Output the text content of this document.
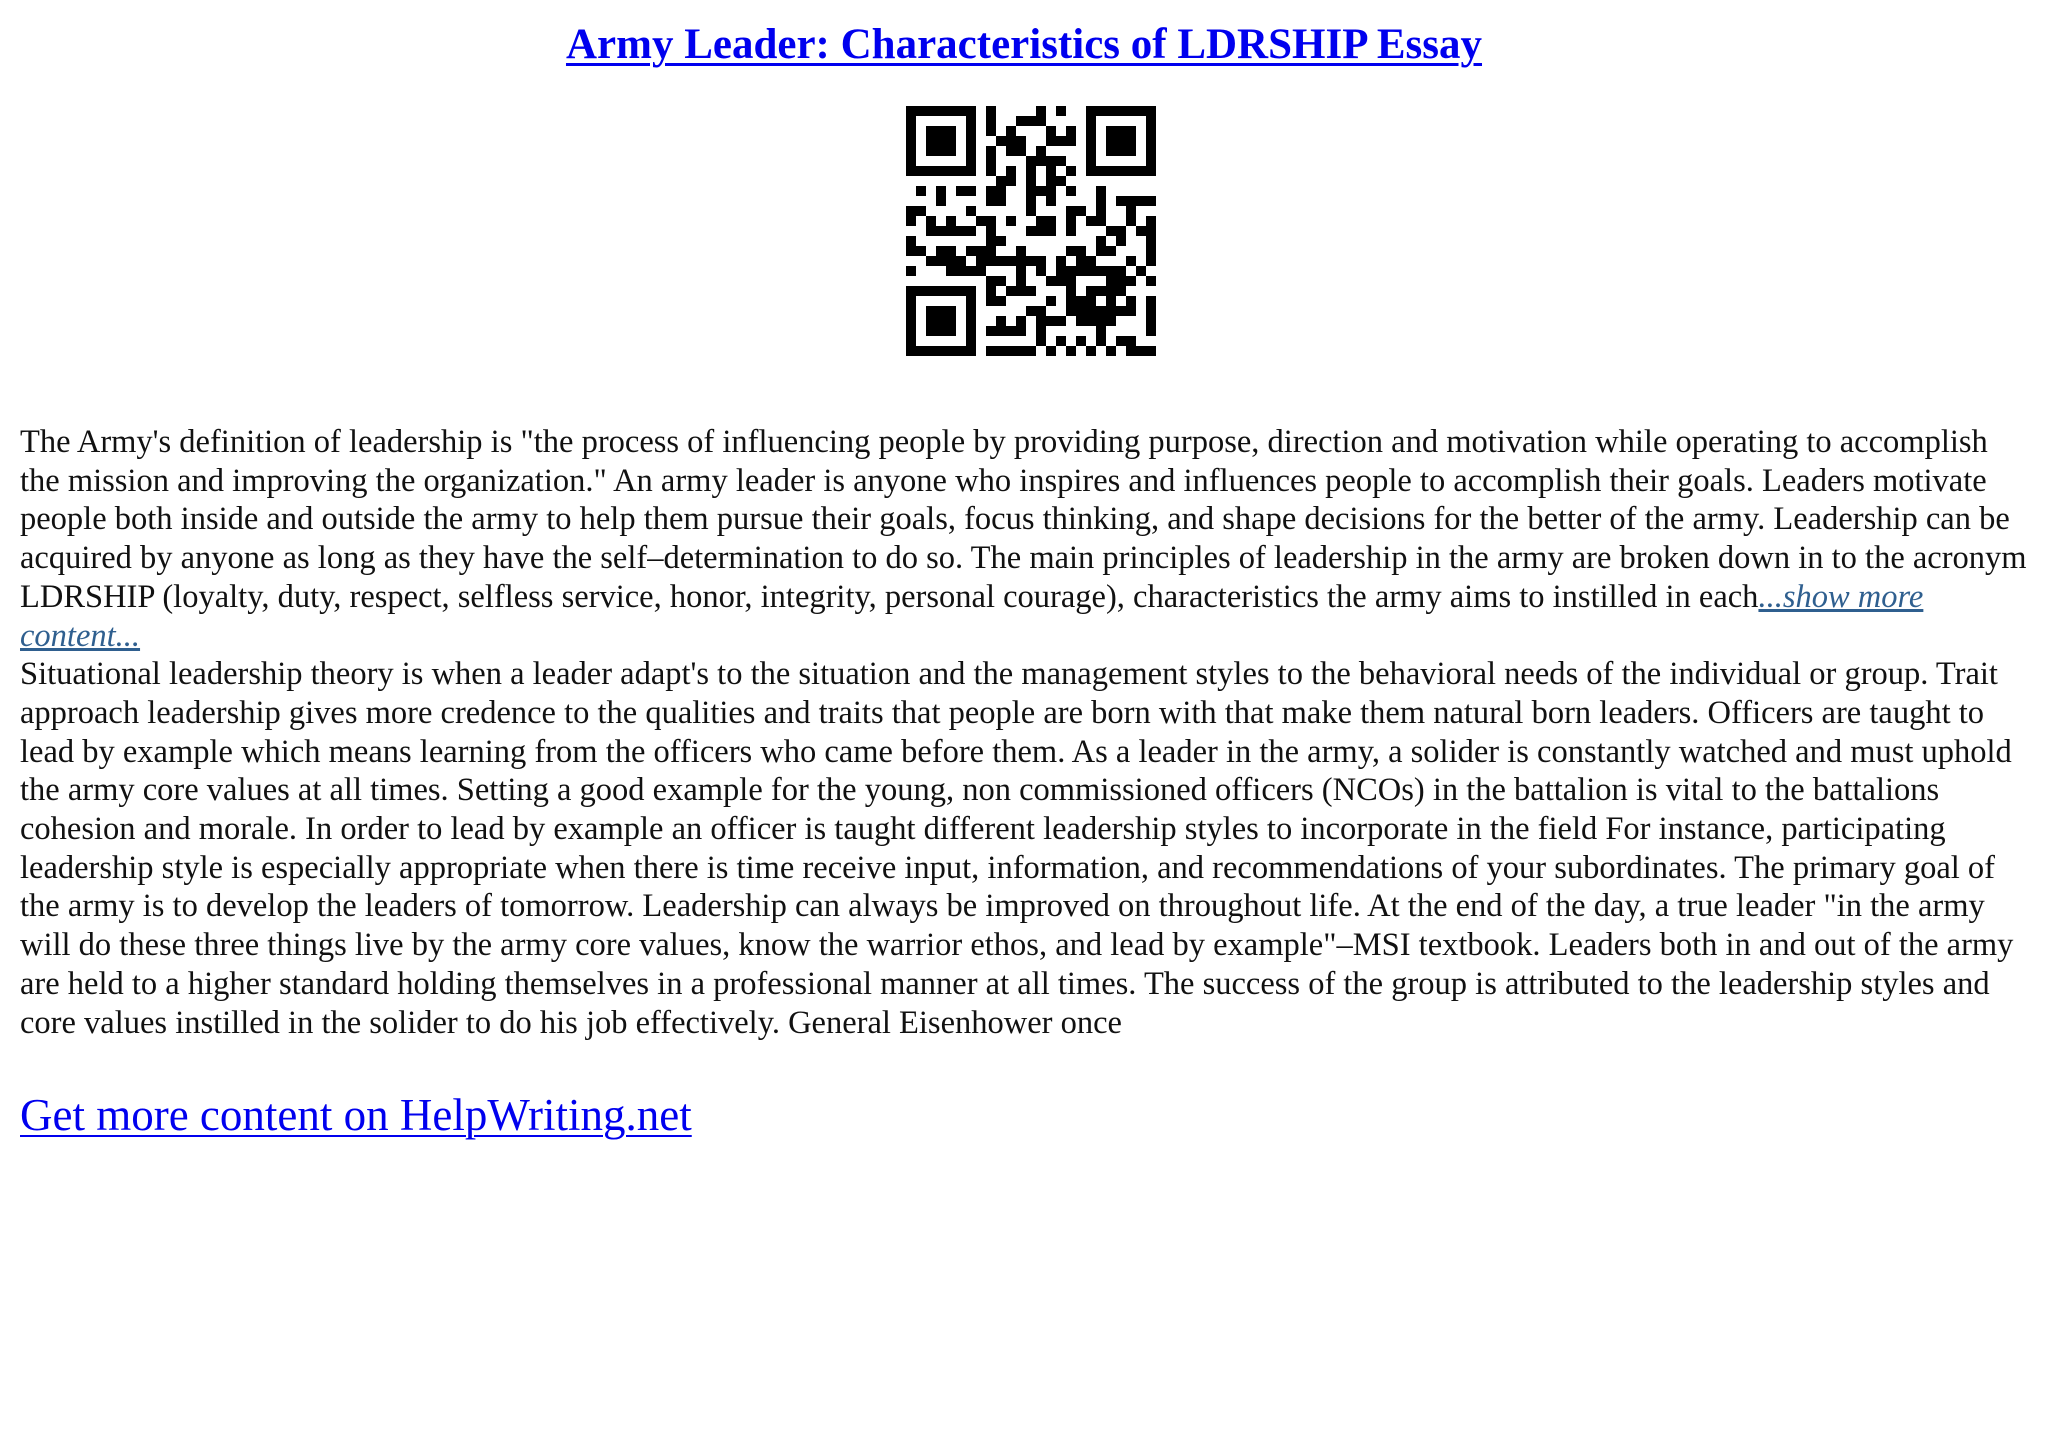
Army Leader: Characteristics of LDRSHIP Essay

The Army's definition of leadership is "the process of influencing people by providing purpose, direction and motivation while operating to accomplish the mission and improving the organization." An army leader is anyone who inspires and influences people to accomplish their goals. Leaders motivate people both inside and outside the army to help them pursue their goals, focus thinking, and shape decisions for the better of the army. Leadership can be acquired by anyone as long as they have the self–determination to do so. The main principles of leadership in the army are broken down in to the acronym LDRSHIP (loyalty, duty, respect, selfless service, honor, integrity, personal courage), characteristics the army aims to instilled in each...show more content...

Situational leadership theory is when a leader adapt's to the situation and the management styles to the behavioral needs of the individual or group. Trait approach leadership gives more credence to the qualities and traits that people are born with that make them natural born leaders. Officers are taught to lead by example which means learning from the officers who came before them. As a leader in the army, a solider is constantly watched and must uphold the army core values at all times. Setting a good example for the young, non commissioned officers (NCOs) in the battalion is vital to the battalions cohesion and morale. In order to lead by example an officer is taught different leadership styles to incorporate in the field For instance, participating leadership style is especially appropriate when there is time receive input, information, and recommendations of your subordinates. The primary goal of the army is to develop the leaders of tomorrow. Leadership can always be improved on throughout life. At the end of the day, a true leader "in the army will do these three things live by the army core values, know the warrior ethos, and lead by example"–MSI textbook. Leaders both in and out of the army are held to a higher standard holding themselves in a professional manner at all times. The success of the group is attributed to the leadership styles and core values instilled in the solider to do his job effectively. General Eisenhower once

Get more content on HelpWriting.net
